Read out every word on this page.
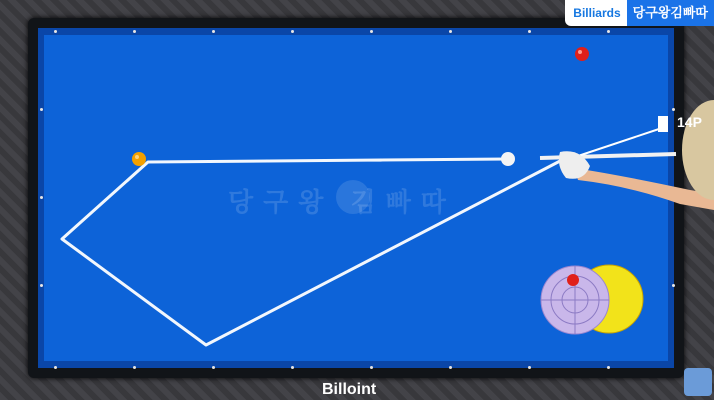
당구왕 김빠따
Billiards 당구왕김빠따
14P
Billoint
